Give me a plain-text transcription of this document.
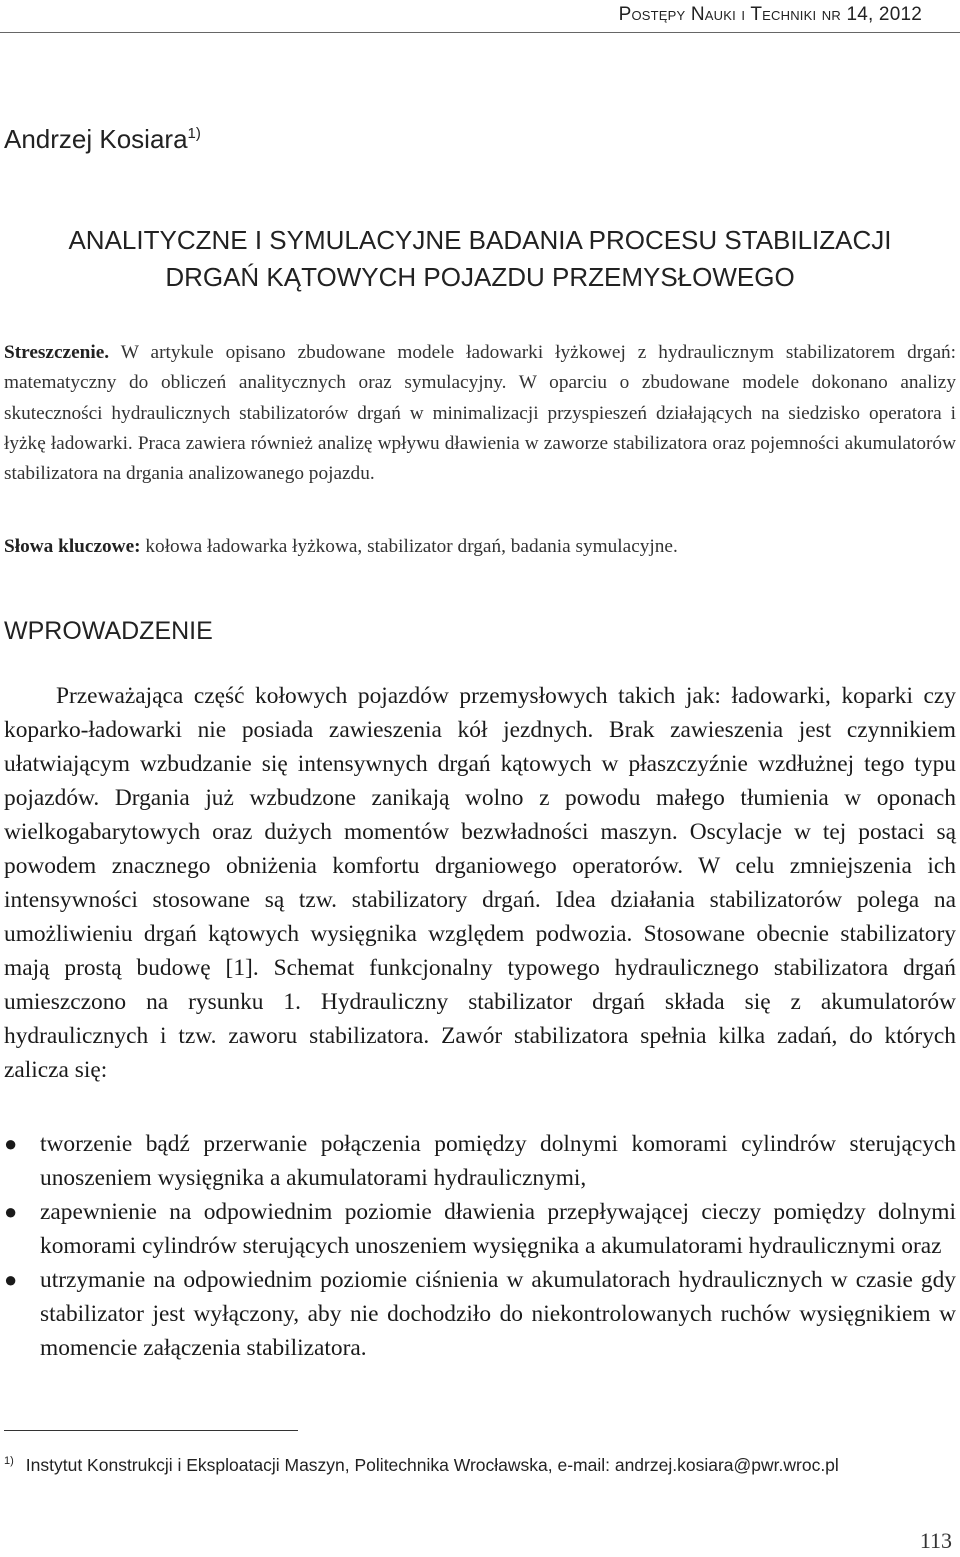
Postępy Nauki i Techniki nr 14, 2012
Andrzej Kosiara$^{1)}$
ANALITYCZNE I SYMULACYJNE BADANIA PROCESU STABILIZACJI
DRGAŃ KĄTOWYCH POJAZDU PRZEMYSŁOWEGO

Streszczenie. W artykule opisano zbudowane modele ładowarki łyżkowej z hydraulicznym stabilizatorem drgań: matematyczny do obliczeń analitycznych oraz symulacyjny. W oparciu o zbudowane modele dokonano analizy skuteczności hydraulicznych stabilizatorów drgań w minimalizacji przyspieszeń działających na siedzisko operatora i łyżkę ładowarki. Praca zawiera również analizę wpływu dławienia w zaworze stabilizatora oraz pojemności akumulatorów stabilizatora na drgania analizowanego pojazdu.

Słowa kluczowe: kołowa ładowarka łyżkowa, stabilizator drgań, badania symulacyjne.

WPROWADZENIE

Przeważająca część kołowych pojazdów przemysłowych takich jak: ładowarki, koparki czy koparko-ładowarki nie posiada zawieszenia kół jezdnych. Brak zawieszenia jest czynnikiem ułatwiającym wzbudzanie się intensywnych drgań kątowych w płaszczyźnie wzdłużnej tego typu pojazdów. Drgania już wzbudzone zanikają wolno z powodu małego tłumienia w oponach wielkogabarytowych oraz dużych momentów bezwładności maszyn. Oscylacje w tej postaci są powodem znacznego obniżenia komfortu drganiowego operatorów. W celu zmniejszenia ich intensywności stosowane są tzw. stabilizatory drgań. Idea działania stabilizatorów polega na umożliwieniu drgań kątowych wysięgnika względem podwozia. Stosowane obecnie stabilizatory mają prostą budowę [1]. Schemat funkcjonalny typowego hydraulicznego stabilizatora drgań umieszczono na rysunku 1. Hydrauliczny stabilizator drgań składa się z akumulatorów hydraulicznych i tzw. zaworu stabilizatora. Zawór stabilizatora spełnia kilka zadań, do których zalicza się:

● tworzenie bądź przerwanie połączenia pomiędzy dolnymi komorami cylindrów sterujących unoszeniem wysięgnika a akumulatorami hydraulicznymi,
● zapewnienie na odpowiednim poziomie dławienia przepływającej cieczy pomiędzy dolnymi komorami cylindrów sterujących unoszeniem wysięgnika a akumulatorami hydraulicznymi oraz
● utrzymanie na odpowiednim poziomie ciśnienia w akumulatorach hydraulicznych w czasie gdy stabilizator jest wyłączony, aby nie dochodziło do niekontrolowanych ruchów wysięgnikiem w momencie załączenia stabilizatora.
$^{1)}$ Instytut Konstrukcji i Eksploatacji Maszyn, Politechnika Wrocławska, e-mail: andrzej.kosiara@pwr.wroc.pl
113
